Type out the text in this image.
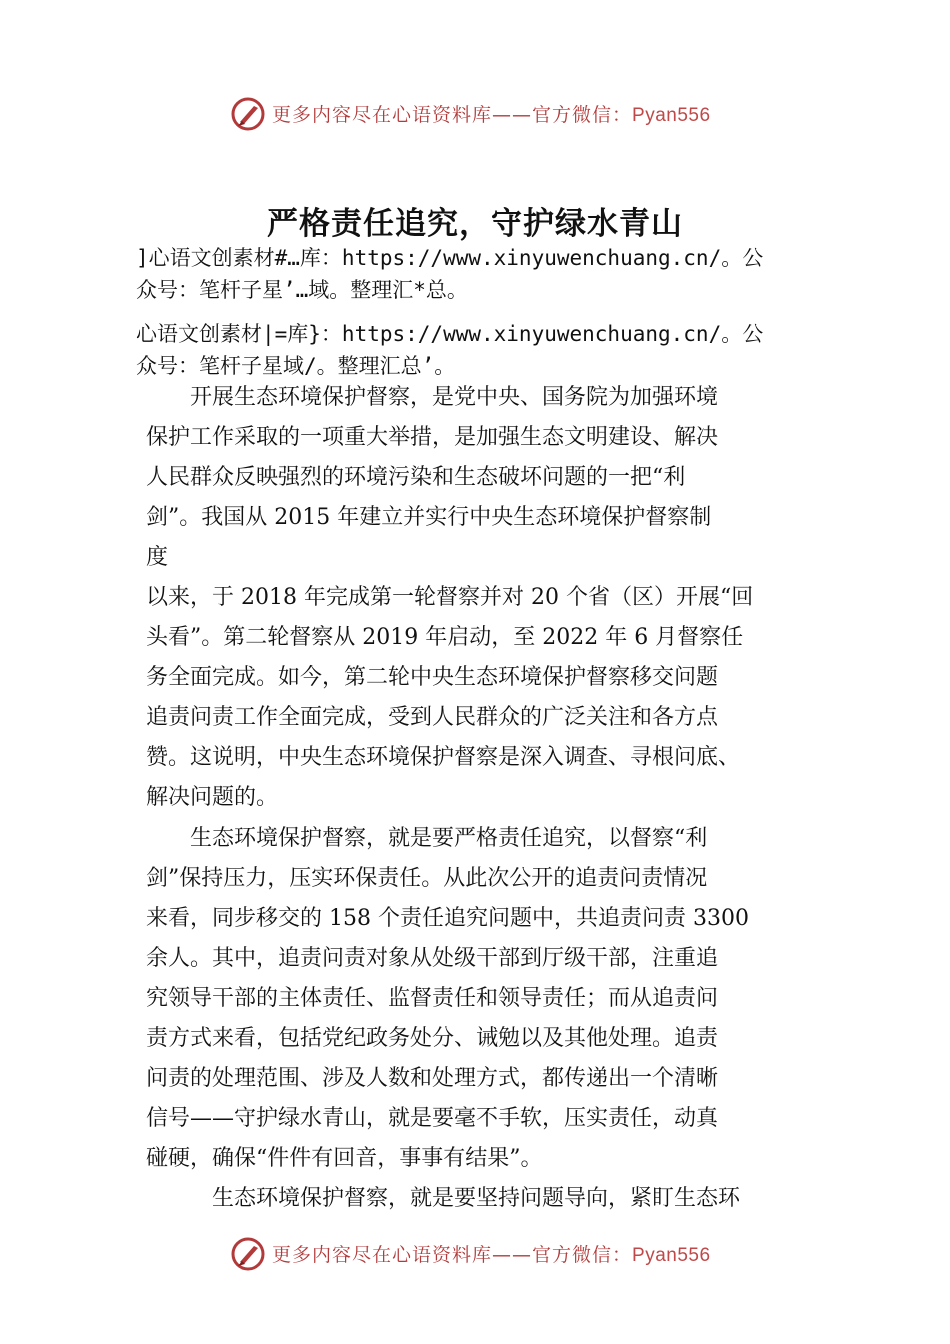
更多内容尽在心语资料库——官方微信：Pyan556
严格责任追究，守护绿水青山
]心语文创素材#…库：https://www.xinyuwenchuang.cn/。公
众号：笔杆子星’…域。整理汇*总。
心语文创素材|=库}：https://www.xinyuwenchuang.cn/。公
众号：笔杆子星域/。整理汇总’。
　　开展生态环境保护督察，是党中央、国务院为加强环境
保护工作采取的一项重大举措，是加强生态文明建设、解决
人民群众反映强烈的环境污染和生态破坏问题的一把“利
剑”。我国从 2015 年建立并实行中央生态环境保护督察制
度
以来，于 2018 年完成第一轮督察并对 20 个省（区）开展“回
头看”。第二轮督察从 2019 年启动，至 2022 年 6 月督察任
务全面完成。如今，第二轮中央生态环境保护督察移交问题
追责问责工作全面完成，受到人民群众的广泛关注和各方点
赞。这说明，中央生态环境保护督察是深入调查、寻根问底、
解决问题的。
　　生态环境保护督察，就是要严格责任追究，以督察“利
剑”保持压力，压实环保责任。从此次公开的追责问责情况
来看，同步移交的 158 个责任追究问题中，共追责问责 3300
余人。其中，追责问责对象从处级干部到厅级干部，注重追
究领导干部的主体责任、监督责任和领导责任；而从追责问
责方式来看，包括党纪政务处分、诫勉以及其他处理。追责
问责的处理范围、涉及人数和处理方式，都传递出一个清晰
信号——守护绿水青山，就是要毫不手软，压实责任，动真
碰硬，确保“件件有回音，事事有结果”。
　　　生态环境保护督察，就是要坚持问题导向，紧盯生态环
更多内容尽在心语资料库——官方微信：Pyan556
